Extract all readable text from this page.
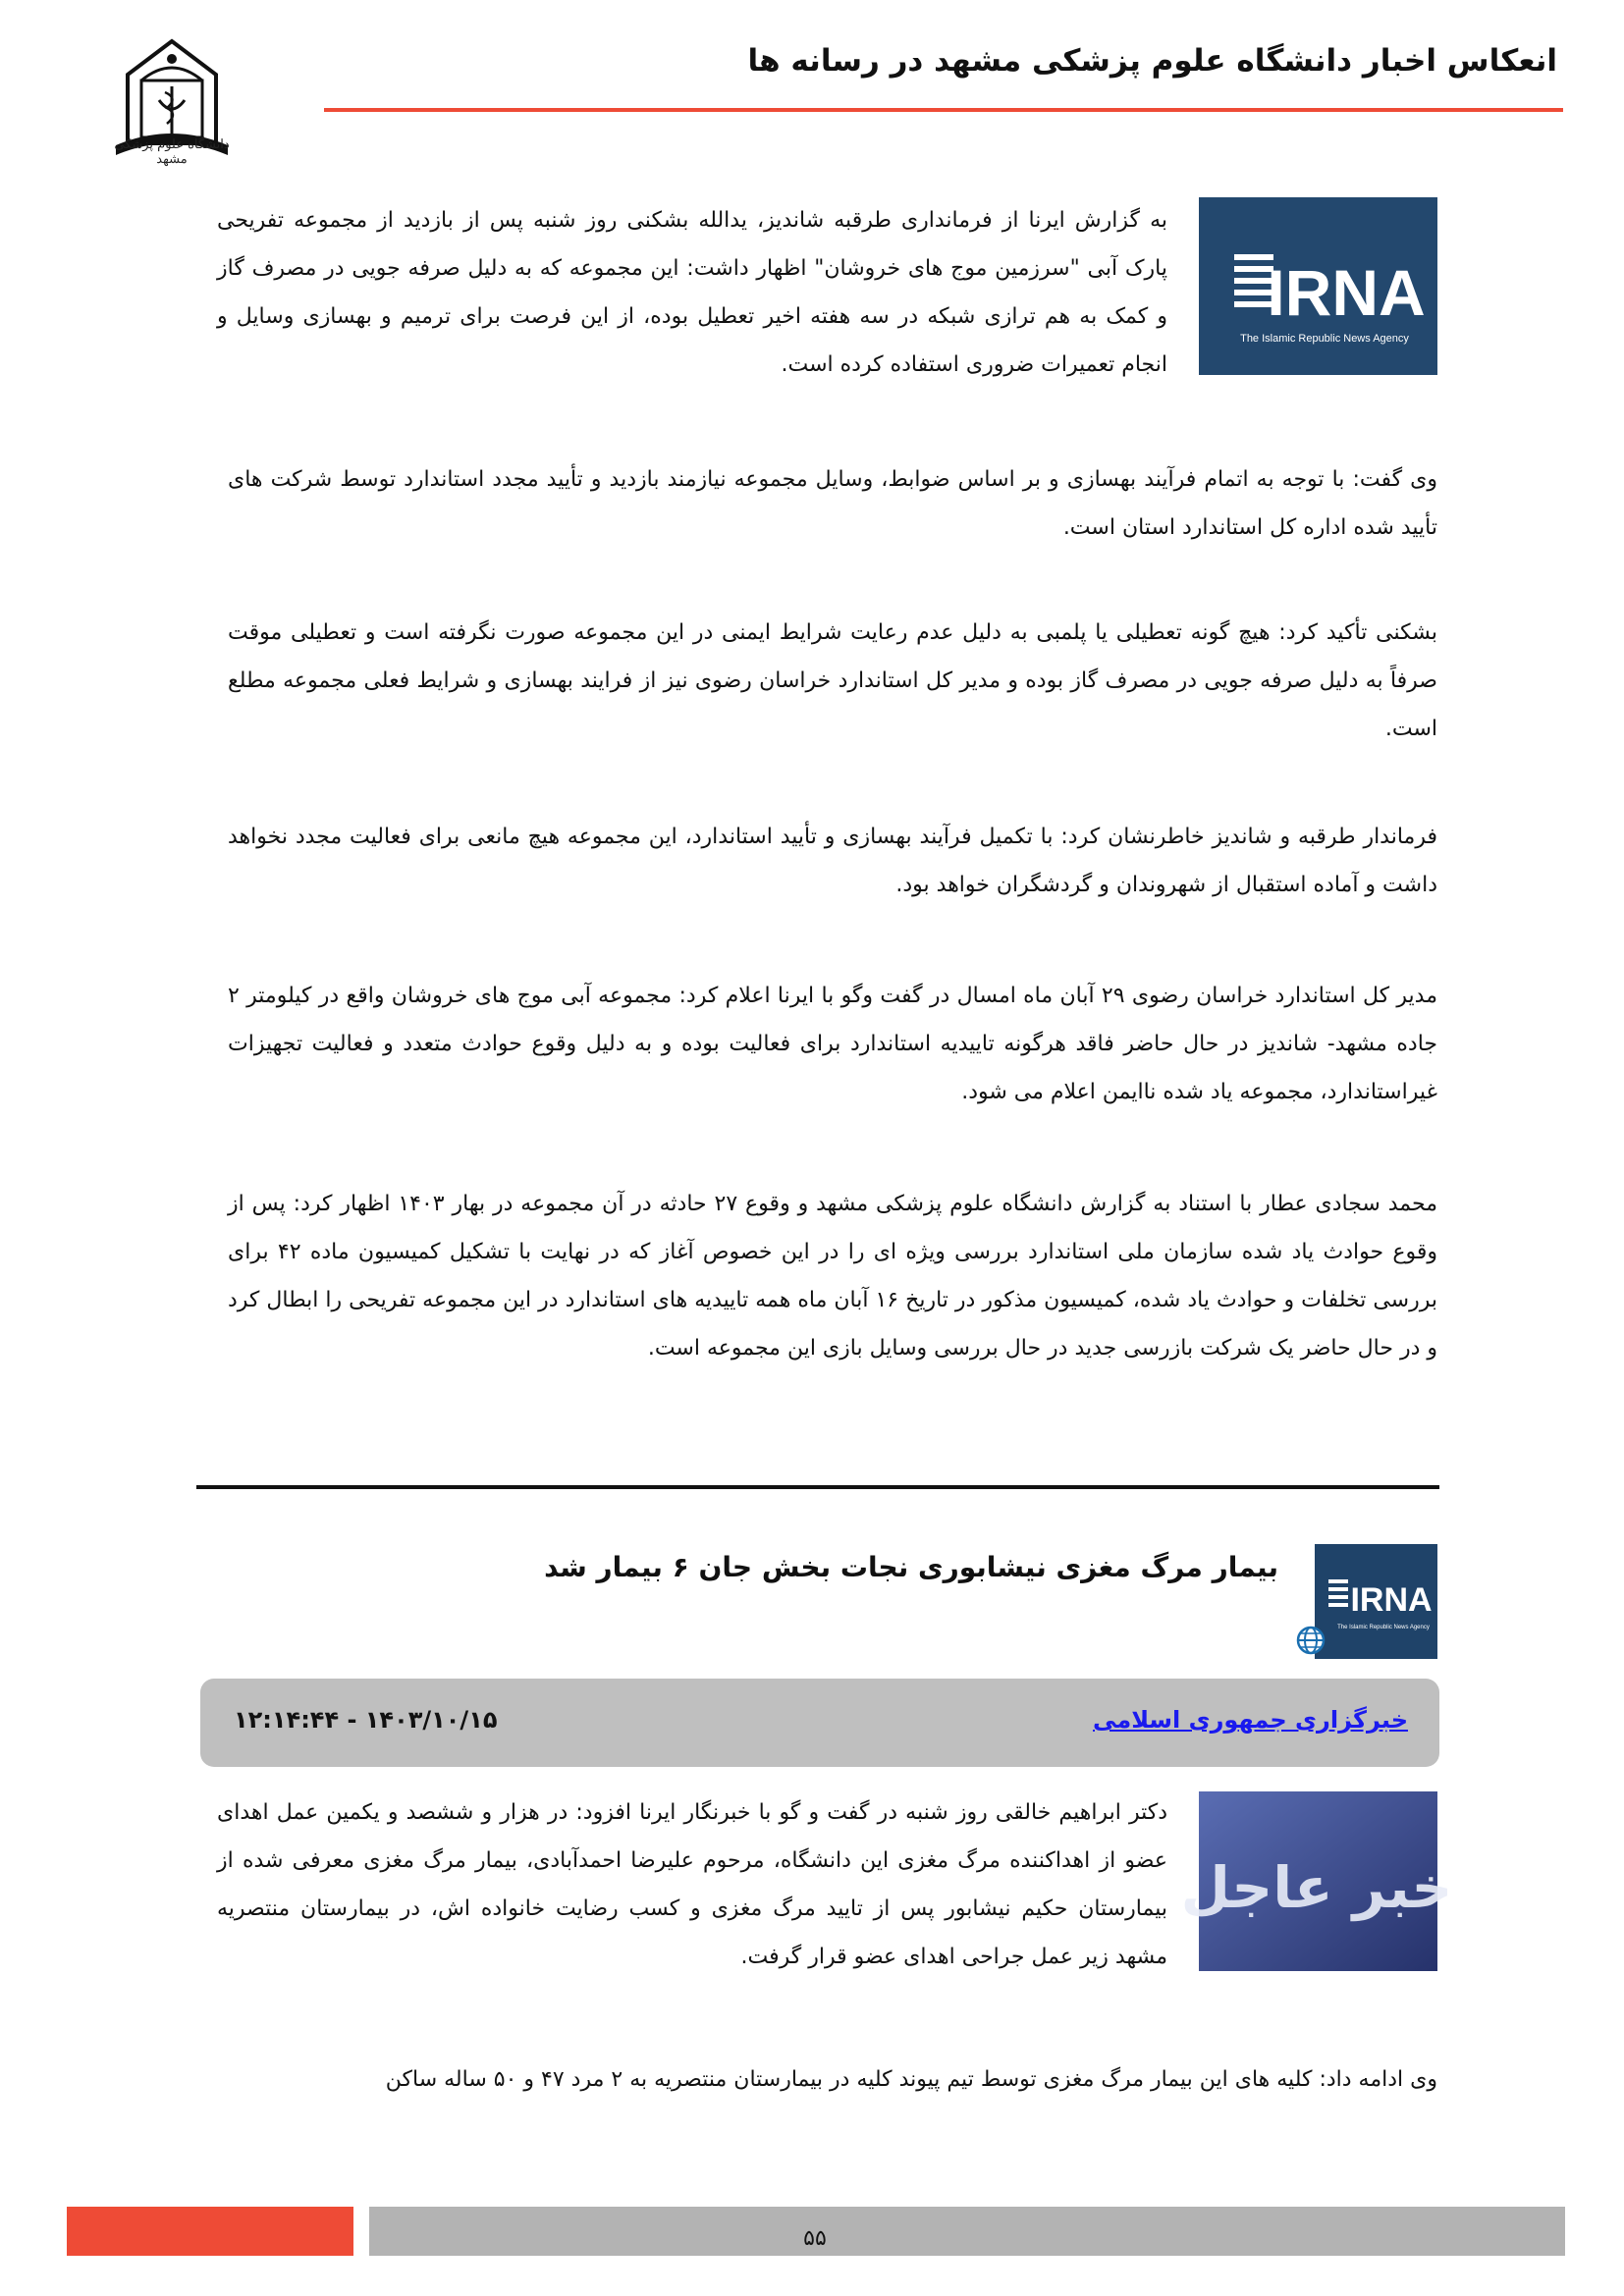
انعکاس اخبار دانشگاه علوم پزشکی مشهد در رسانه ها
دانشگاه علوم پزشکی مشهد
IRNA
The Islamic Republic News Agency

به گزارش ایرنا از فرمانداری طرقبه شاندیز، یدالله بشکنی روز شنبه پس از بازدید از مجموعه تفریحی پارک آبی "سرزمین موج های خروشان" اظهار داشت: این مجموعه که به دلیل صرفه جویی در مصرف گاز و کمک به هم ترازی شبکه در سه هفته اخیر تعطیل بوده، از این فرصت برای ترمیم و بهسازی وسایل و انجام تعمیرات ضروری استفاده کرده است.

وی گفت: با توجه به اتمام فرآیند بهسازی و بر اساس ضوابط، وسایل مجموعه نیازمند بازدید و تأیید مجدد استاندارد توسط شرکت های تأیید شده اداره کل استاندارد استان است.

بشکنی تأکید کرد: هیچ گونه تعطیلی یا پلمبی به دلیل عدم رعایت شرایط ایمنی در این مجموعه صورت نگرفته است و تعطیلی موقت صرفاً به دلیل صرفه جویی در مصرف گاز بوده و مدیر کل استاندارد خراسان رضوی نیز از فرایند بهسازی و شرایط فعلی مجموعه مطلع است.

فرماندار طرقبه و شاندیز خاطرنشان کرد: با تکمیل فرآیند بهسازی و تأیید استاندارد، این مجموعه هیچ مانعی برای فعالیت مجدد نخواهد داشت و آماده استقبال از شهروندان و گردشگران خواهد بود.

مدیر کل استاندارد خراسان رضوی ۲۹ آبان ماه امسال در گفت وگو با ایرنا اعلام کرد: مجموعه آبی موج های خروشان واقع در کیلومتر ۲ جاده مشهد- شاندیز در حال حاضر فاقد هرگونه تاییدیه استاندارد برای فعالیت بوده و به دلیل وقوع حوادث متعدد و فعالیت تجهیزات غیراستاندارد، مجموعه یاد شده ناایمن اعلام می شود.

محمد سجادی عطار با استناد به گزارش دانشگاه علوم پزشکی مشهد و وقوع ۲۷ حادثه در آن مجموعه در بهار ۱۴۰۳ اظهار کرد: پس از وقوع حوادث یاد شده سازمان ملی استاندارد بررسی ویژه ای را در این خصوص آغاز که در نهایت با تشکیل کمیسیون ماده ۴۲ برای بررسی تخلفات و حوادث یاد شده، کمیسیون مذکور در تاریخ ۱۶ آبان ماه همه تاییدیه های استاندارد در این مجموعه تفریحی را ابطال کرد و در حال حاضر یک شرکت بازرسی جدید در حال بررسی وسایل بازی این مجموعه است.

IRNA
The Islamic Republic News Agency
بیمار مرگ مغزی نیشابوری نجات بخش جان ۶ بیمار شد
خبرگزاری جمهوری اسلامی
۱۴۰۳/۱۰/۱۵ - ۱۲:۱۴:۴۴
خبر عاجل

دکتر ابراهیم خالقی روز شنبه در گفت و گو با خبرنگار ایرنا افزود: در هزار و ششصد و یکمین عمل اهدای عضو از اهداکننده مرگ مغزی این دانشگاه، مرحوم علیرضا احمدآبادی، بیمار مرگ مغزی معرفی شده از بیمارستان حکیم نیشابور پس از تایید مرگ مغزی و کسب رضایت خانواده اش، در بیمارستان منتصریه مشهد زیر عمل جراحی اهدای عضو قرار گرفت.

وی ادامه داد: کلیه های این بیمار مرگ مغزی توسط تیم پیوند کلیه در بیمارستان منتصریه به ۲ مرد ۴۷ و ۵۰ ساله ساکن

۵۵
